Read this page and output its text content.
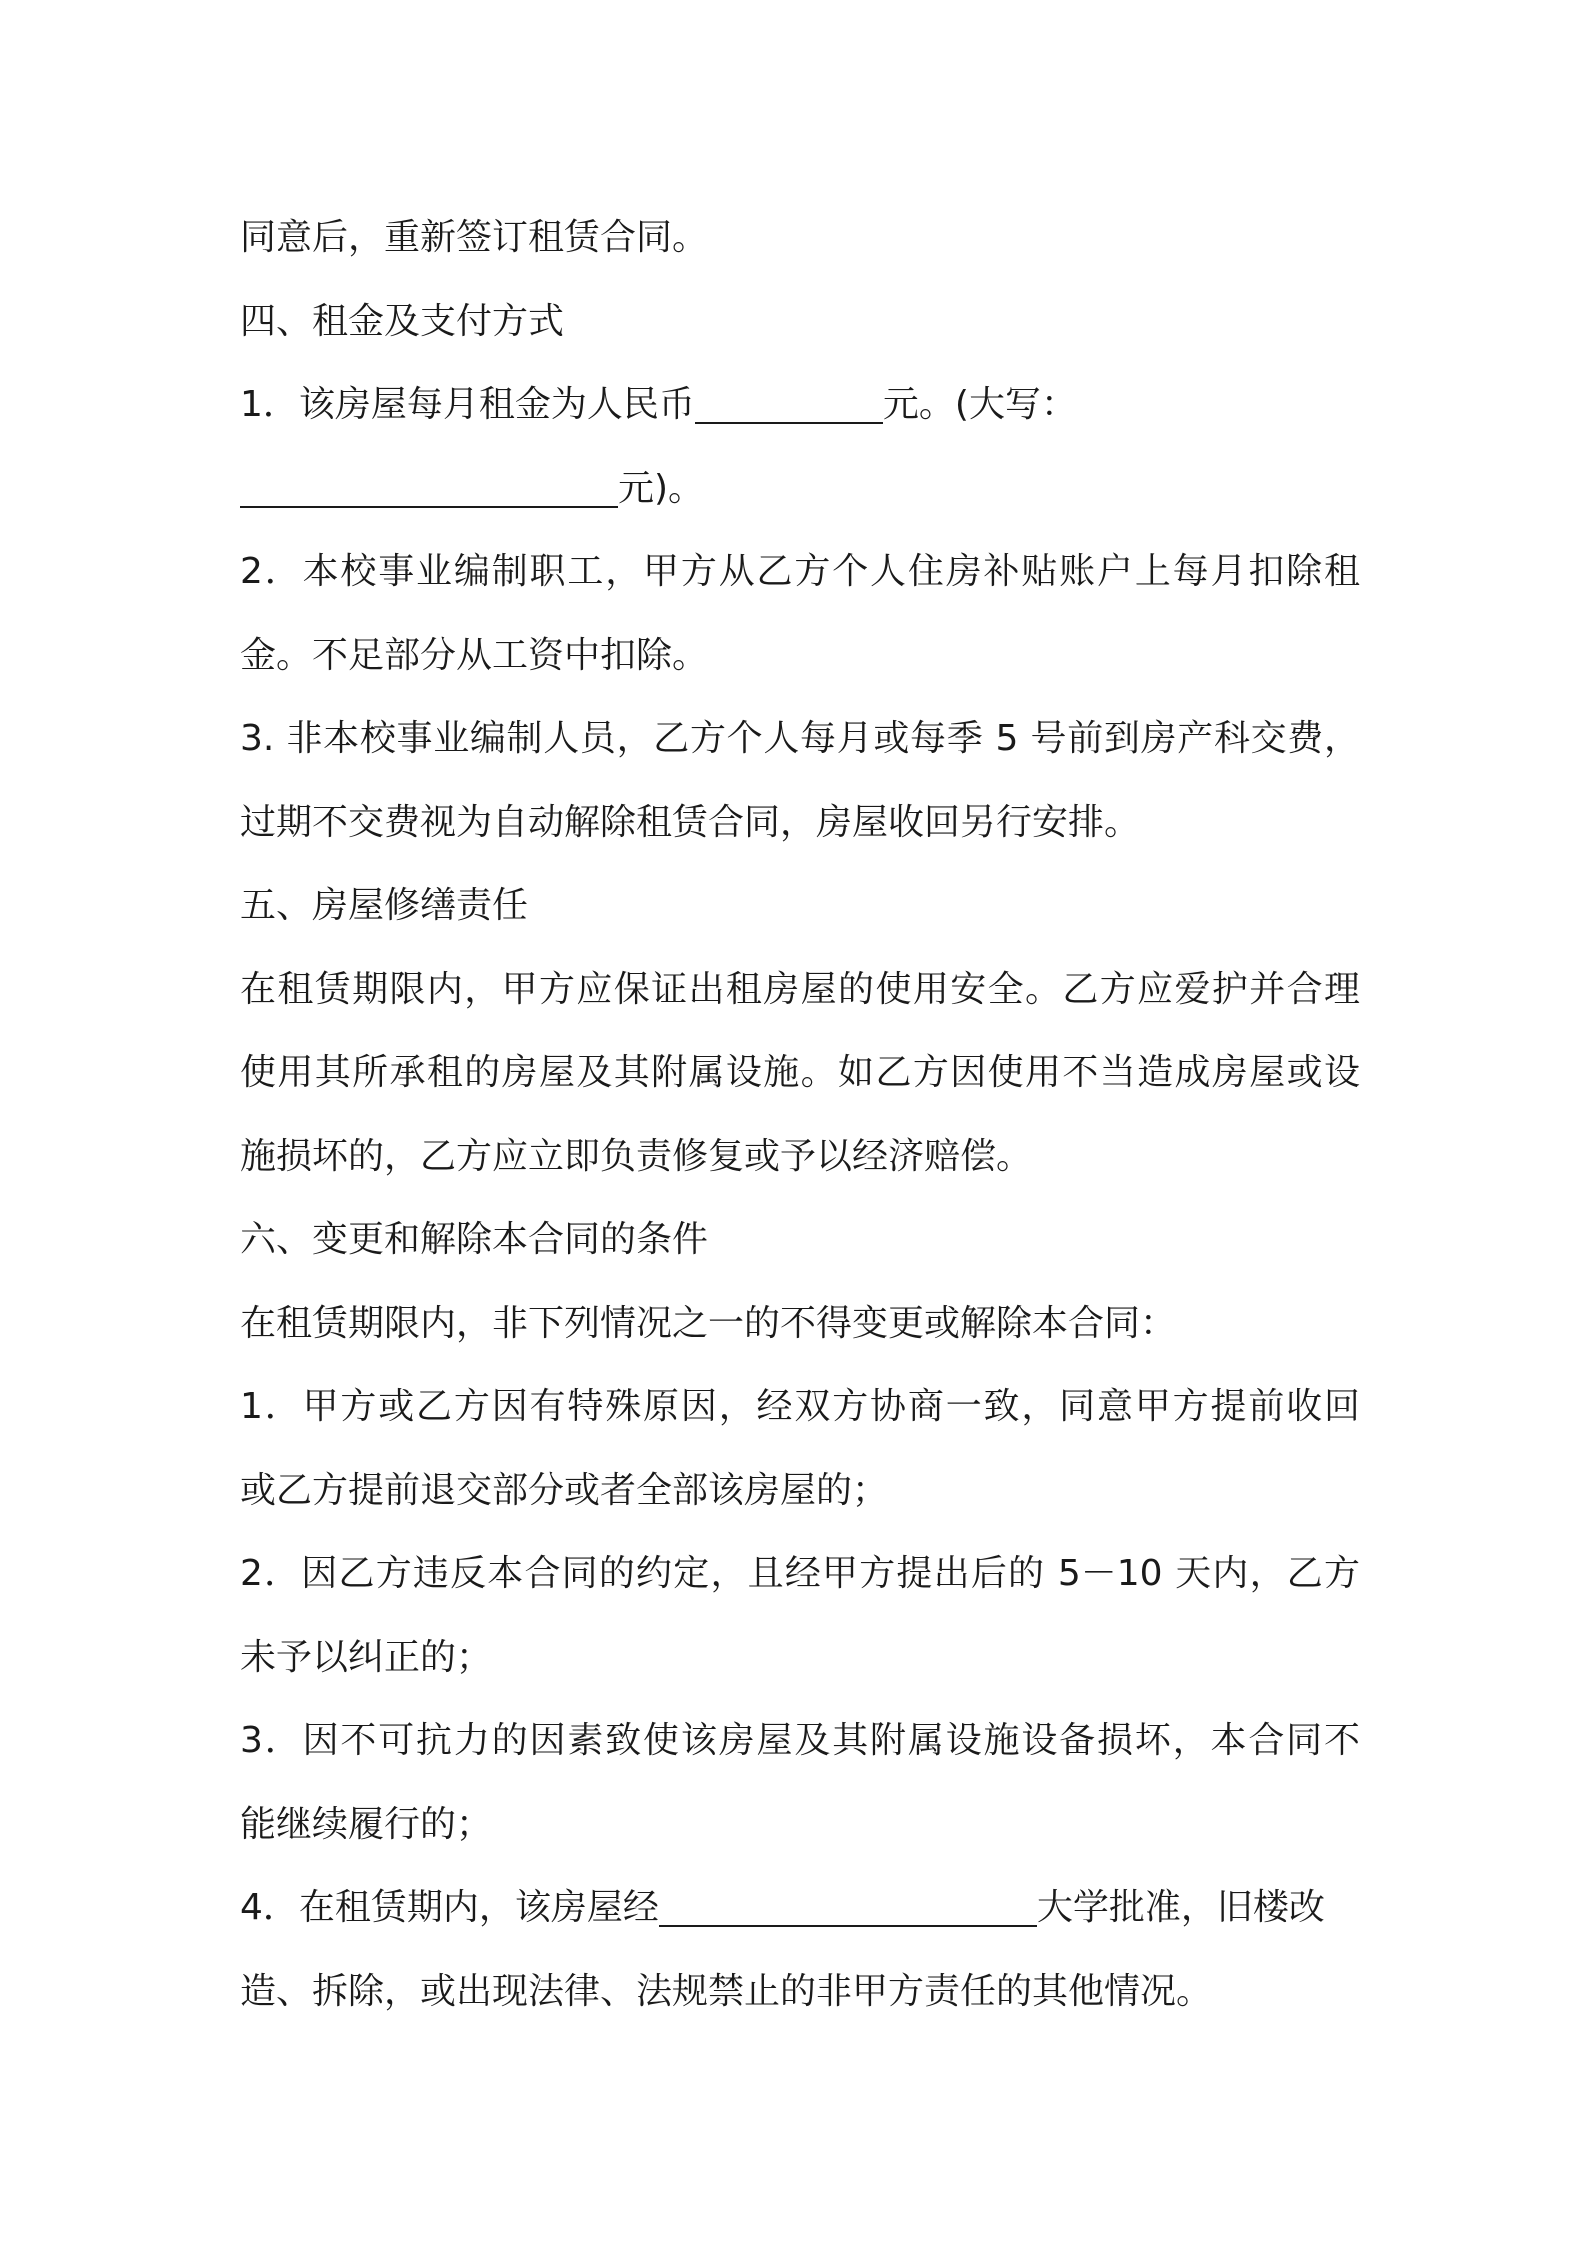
同意后，重新签订租赁合同。
四、租金及支付方式
1．该房屋每月租金为人民币	元。(大写：
元)。
2．本校事业编制职工，甲方从乙方个人住房补贴账户上每月扣除租
金。不足部分从工资中扣除。
3. 非本校事业编制人员，乙方个人每月或每季 5 号前到房产科交费，
过期不交费视为自动解除租赁合同，房屋收回另行安排。
五、房屋修缮责任
在租赁期限内，甲方应保证出租房屋的使用安全。乙方应爱护并合理
使用其所承租的房屋及其附属设施。如乙方因使用不当造成房屋或设
施损坏的，乙方应立即负责修复或予以经济赔偿。
六、变更和解除本合同的条件
在租赁期限内，非下列情况之一的不得变更或解除本合同：
1．甲方或乙方因有特殊原因，经双方协商一致，同意甲方提前收回
或乙方提前退交部分或者全部该房屋的；
2．因乙方违反本合同的约定，且经甲方提出后的 5－10 天内，乙方
未予以纠正的；
3．因不可抗力的因素致使该房屋及其附属设施设备损坏，本合同不
能继续履行的；
4．在租赁期内，该房屋经	大学批准，旧楼改
造、拆除，或出现法律、法规禁止的非甲方责任的其他情况。
